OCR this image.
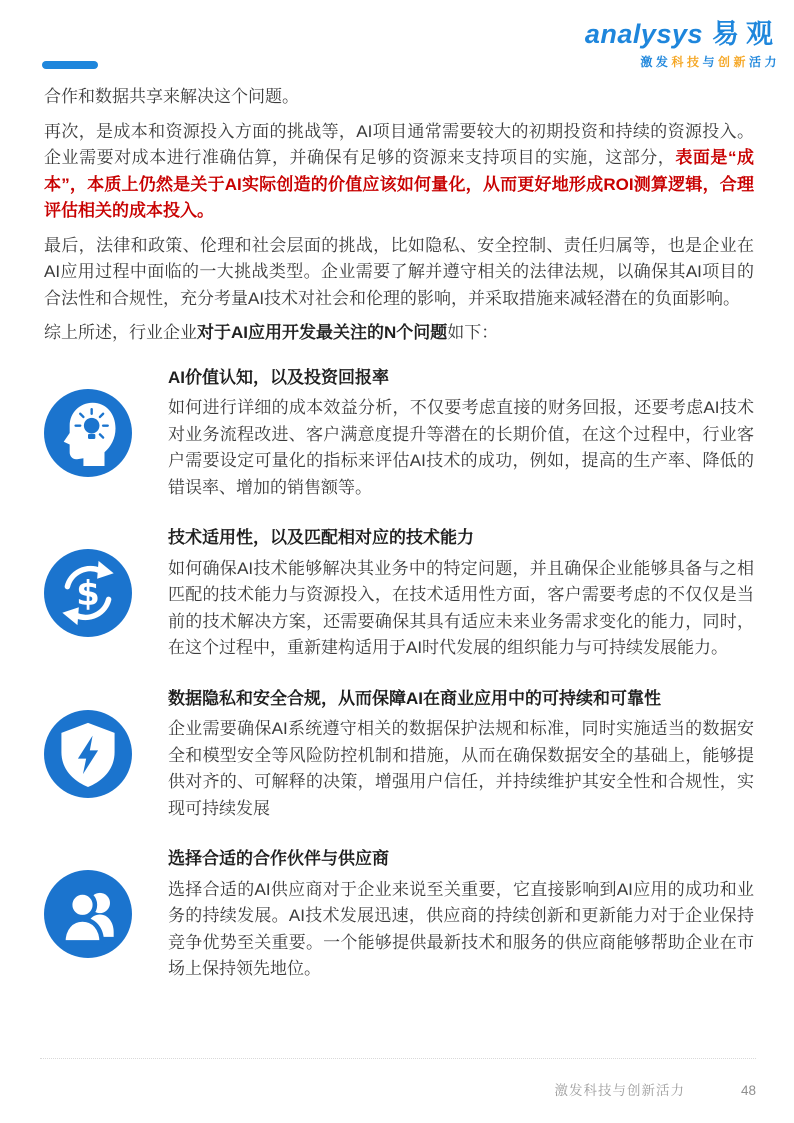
analysys 易观
激发科技与创新活力

合作和数据共享来解决这个问题。

再次，是成本和资源投入方面的挑战等，AI项目通常需要较大的初期投资和持续的资源投入。企业需要对成本进行准确估算，并确保有足够的资源来支持项目的实施，这部分，表面是“成本”，本质上仍然是关于AI实际创造的价值应该如何量化，从而更好地形成ROI测算逻辑，合理评估相关的成本投入。

最后，法律和政策、伦理和社会层面的挑战，比如隐私、安全控制、责任归属等，也是企业在AI应用过程中面临的一大挑战类型。企业需要了解并遵守相关的法律法规，以确保其AI项目的合法性和合规性，充分考量AI技术对社会和伦理的影响，并采取措施来减轻潜在的负面影响。

综上所述，行业企业对于AI应用开发最关注的N个问题如下：

AI价值认知，以及投资回报率
如何进行详细的成本效益分析，不仅要考虑直接的财务回报，还要考虑AI技术对业务流程改进、客户满意度提升等潜在的长期价值，在这个过程中，行业客户需要设定可量化的指标来评估AI技术的成功，例如，提高的生产率、降低的错误率、增加的销售额等。
$
技术适用性，以及匹配相对应的技术能力
如何确保AI技术能够解决其业务中的特定问题，并且确保企业能够具备与之相匹配的技术能力与资源投入，在技术适用性方面，客户需要考虑的不仅仅是当前的技术解决方案，还需要确保其具有适应未来业务需求变化的能力，同时，在这个过程中，重新建构适用于AI时代发展的组织能力与可持续发展能力。
数据隐私和安全合规，从而保障AI在商业应用中的可持续和可靠性
企业需要确保AI系统遵守相关的数据保护法规和标准，同时实施适当的数据安全和模型安全等风险防控机制和措施，从而在确保数据安全的基础上，能够提供对齐的、可解释的决策，增强用户信任，并持续维护其安全性和合规性，实现可持续发展
选择合适的合作伙伴与供应商
选择合适的AI供应商对于企业来说至关重要，它直接影响到AI应用的成功和业务的持续发展。AI技术发展迅速，供应商的持续创新和更新能力对于企业保持竞争优势至关重要。一个能够提供最新技术和服务的供应商能够帮助企业在市场上保持领先地位。
激发科技与创新活力	48
